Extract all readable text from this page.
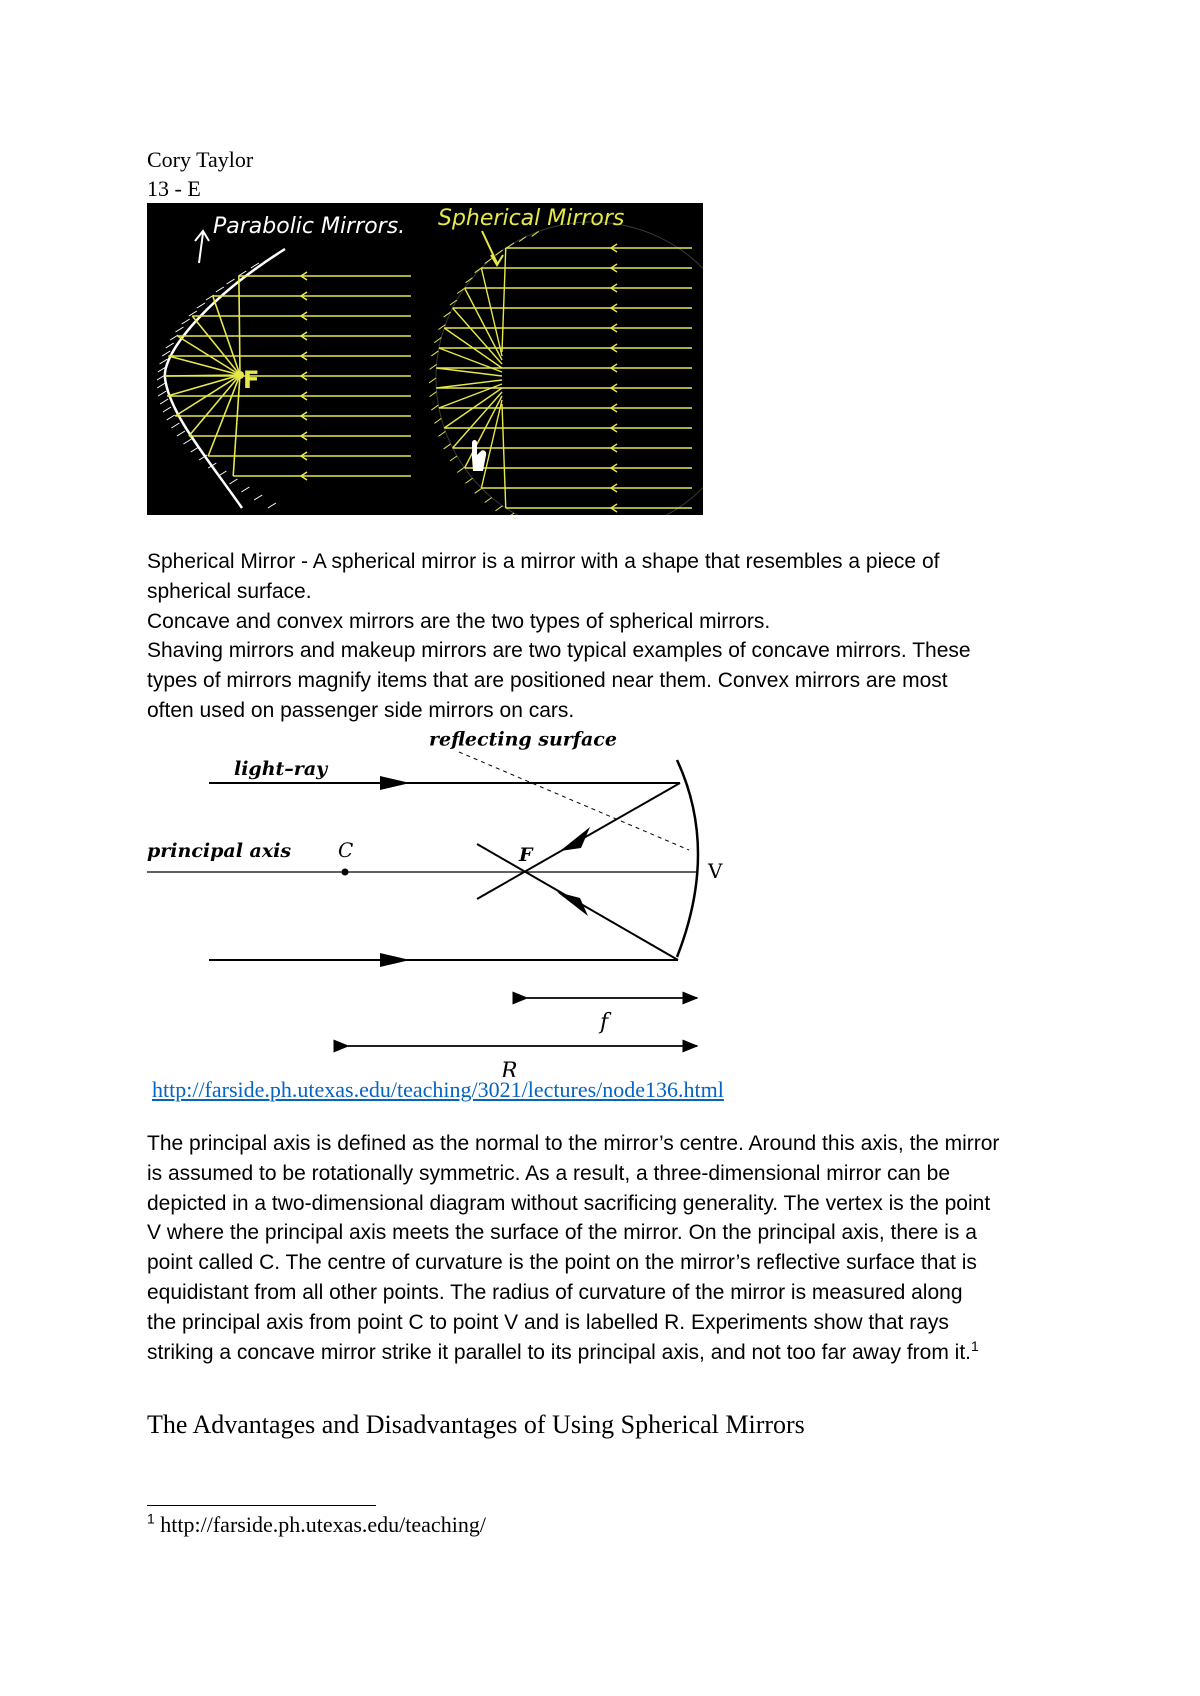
Cory Taylor
13 - E
F
Parabolic Mirrors. Spherical Mirrors
Spherical Mirror - A spherical mirror is a mirror with a shape that resembles a piece of
spherical surface.
Concave and convex mirrors are the two types of spherical mirrors.
Shaving mirrors and makeup mirrors are two typical examples of concave mirrors. These
types of mirrors magnify items that are positioned near them. Convex mirrors are most
often used on passenger side mirrors on cars.
reflecting surface
light–ray
principal axis C	F
V
f
R
http://farside.ph.utexas.edu/teaching/3021/lectures/node136.html
The principal axis is defined as the normal to the mirror’s centre. Around this axis, the mirror
is assumed to be rotationally symmetric. As a result, a three-dimensional mirror can be
depicted in a two-dimensional diagram without sacrificing generality. The vertex is the point
V where the principal axis meets the surface of the mirror. On the principal axis, there is a
point called C. The centre of curvature is the point on the mirror’s reflective surface that is
equidistant from all other points. The radius of curvature of the mirror is measured along
the principal axis from point C to point V and is labelled R. Experiments show that rays
striking a concave mirror strike it parallel to its principal axis, and not too far away from it.$^1$
The Advantages and Disadvantages of Using Spherical Mirrors
$^1$ http://farside.ph.utexas.edu/teaching/
